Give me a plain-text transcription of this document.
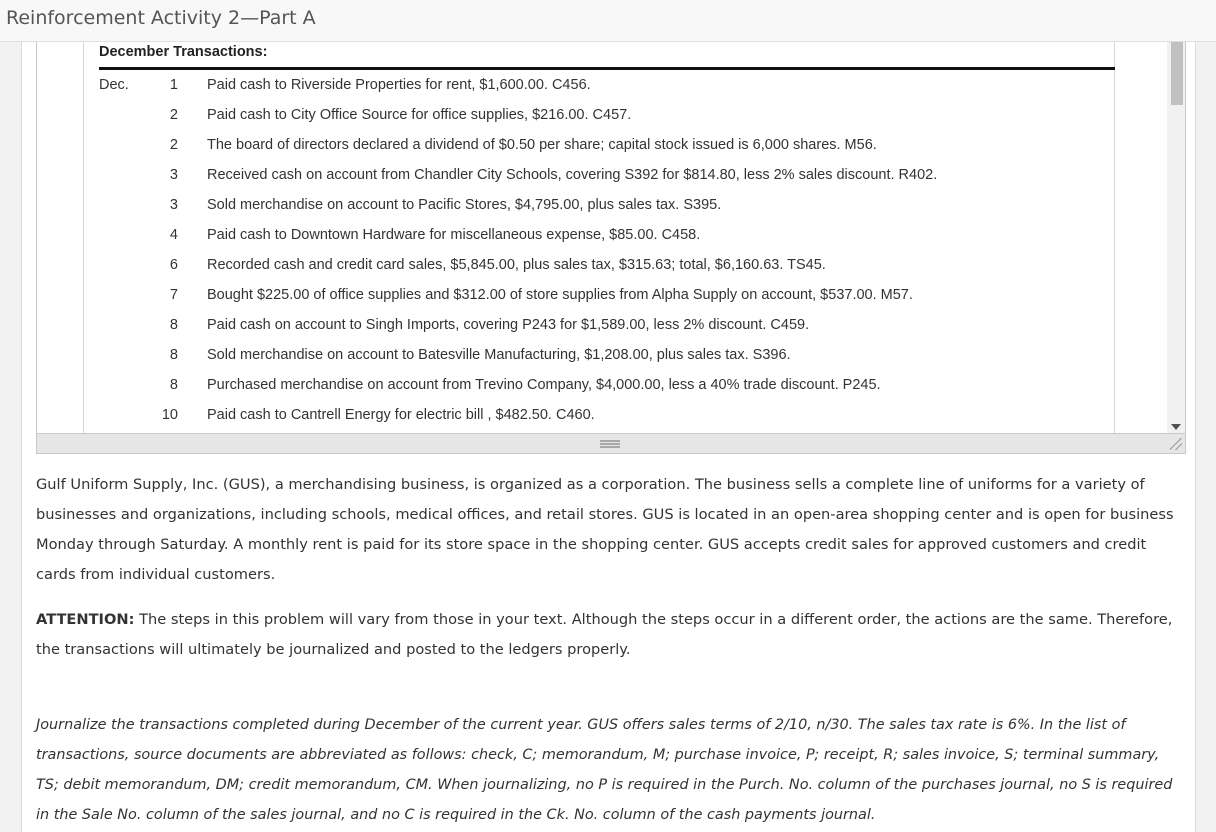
Reinforcement Activity 2—Part A
December Transactions:
Dec.	1 Paid cash to Riverside Properties for rent, $1,600.00. C456.
2 Paid cash to City Office Source for office supplies, $216.00. C457.
2 The board of directors declared a dividend of $0.50 per share; capital stock issued is 6,000 shares. M56.
3 Received cash on account from Chandler City Schools, covering S392 for $814.80, less 2% sales discount. R402.
3 Sold merchandise on account to Pacific Stores, $4,795.00, plus sales tax. S395.
4 Paid cash to Downtown Hardware for miscellaneous expense, $85.00. C458.
6 Recorded cash and credit card sales, $5,845.00, plus sales tax, $315.63; total, $6,160.63. TS45.
7 Bought $225.00 of office supplies and $312.00 of store supplies from Alpha Supply on account, $537.00. M57.
8 Paid cash on account to Singh Imports, covering P243 for $1,589.00, less 2% discount. C459.
8 Sold merchandise on account to Batesville Manufacturing, $1,208.00, plus sales tax. S396.
8 Purchased merchandise on account from Trevino Company, $4,000.00, less a 40% trade discount. P245.
10 Paid cash to Cantrell Energy for electric bill , $482.50. C460.
Gulf Uniform Supply, Inc. (GUS), a merchandising business, is organized as a corporation. The business sells a complete line of uniforms for a variety of businesses and organizations, including schools, medical offices, and retail stores. GUS is located in an open-area shopping center and is open for business Monday through Saturday. A monthly rent is paid for its store space in the shopping center. GUS accepts credit sales for approved customers and credit cards from individual customers.
ATTENTION: The steps in this problem will vary from those in your text. Although the steps occur in a different order, the actions are the same. Therefore, the transactions will ultimately be journalized and posted to the ledgers properly.
Journalize the transactions completed during December of the current year. GUS offers sales terms of 2/10, n/30. The sales tax rate is 6%. In the list of transactions, source documents are abbreviated as follows: check, C; memorandum, M; purchase invoice, P; receipt, R; sales invoice, S; terminal summary, TS; debit memorandum, DM; credit memorandum, CM. When journalizing, no P is required in the Purch. No. column of the purchases journal, no S is required in the Sale No. column of the sales journal, and no C is required in the Ck. No. column of the cash payments journal.
